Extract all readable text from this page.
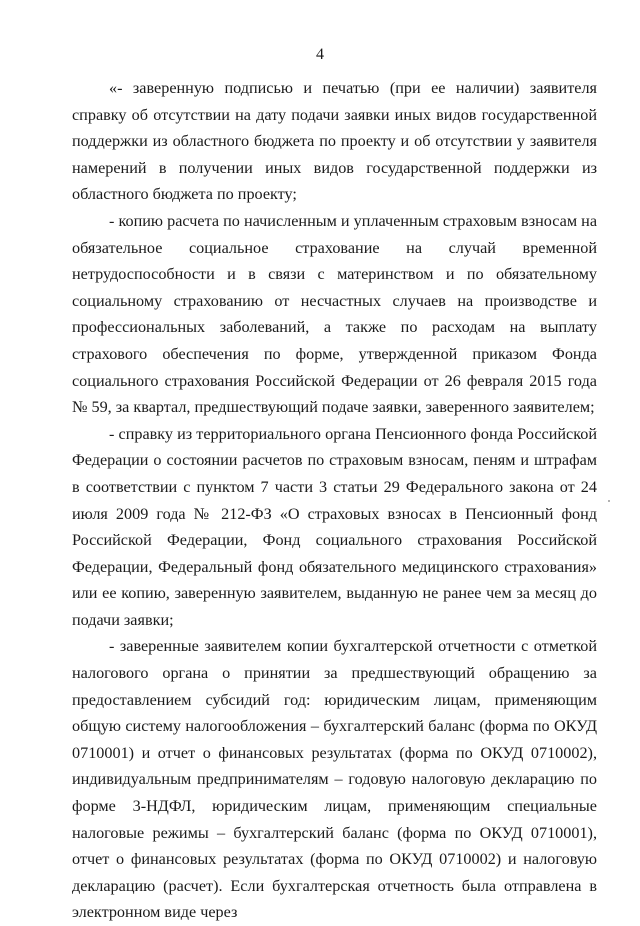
4

«- заверенную подписью и печатью (при ее наличии) заявителя справку об отсутствии на дату подачи заявки иных видов государственной поддержки из областного бюджета по проекту и об отсутствии у заявителя намерений в получении иных видов государственной поддержки из областного бюджета по проекту;

- копию расчета по начисленным и уплаченным страховым взносам на обязательное социальное страхование на случай временной нетрудоспособности и в связи с материнством и по обязательному социальному страхованию от несчастных случаев на производстве и профессиональных заболеваний, а также по расходам на выплату страхового обеспечения по форме, утвержденной приказом Фонда социального страхования Российской Федерации от 26 февраля 2015 года № 59, за квартал, предшествующий подаче заявки, заверенного заявителем;

- справку из территориального органа Пенсионного фонда Российской Федерации о состоянии расчетов по страховым взносам, пеням и штрафам в соответствии с пунктом 7 части 3 статьи 29 Федерального закона от 24 июля 2009 года № 212-ФЗ «О страховых взносах в Пенсионный фонд Российской Федерации, Фонд социального страхования Российской Федерации, Федеральный фонд обязательного медицинского страхования» или ее копию, заверенную заявителем, выданную не ранее чем за месяц до подачи заявки;

- заверенные заявителем копии бухгалтерской отчетности с отметкой налогового органа о принятии за предшествующий обращению за предоставлением субсидий год: юридическим лицам, применяющим общую систему налогообложения – бухгалтерский баланс (форма по ОКУД 0710001) и отчет о финансовых результатах (форма по ОКУД 0710002), индивидуальным предпринимателям – годовую налоговую декларацию по форме 3-НДФЛ, юридическим лицам, применяющим специальные налоговые режимы – бухгалтерский баланс (форма по ОКУД 0710001), отчет о финансовых результатах (форма по ОКУД 0710002) и налоговую декларацию (расчет). Если бухгалтерская отчетность была отправлена в электронном виде через
